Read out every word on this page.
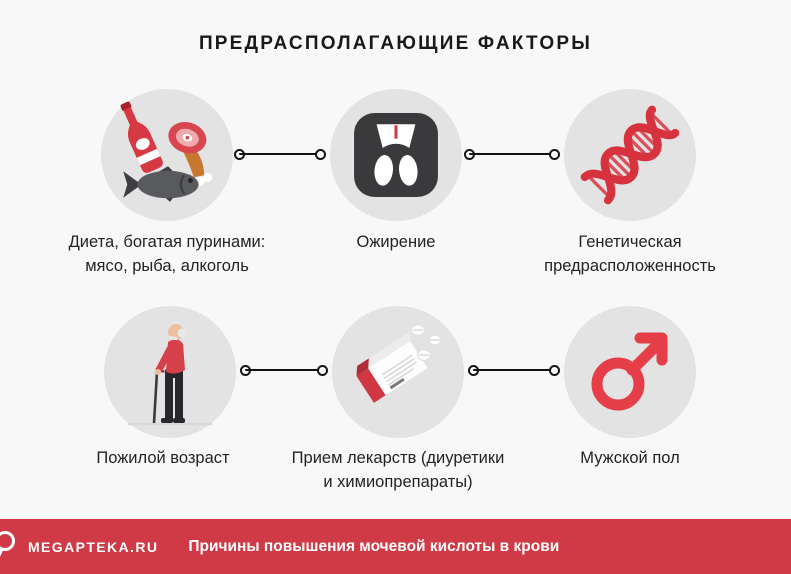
ПРЕДРАСПОЛАГАЮЩИЕ ФАКТОРЫ
Диета, богатая пуринами:
мясо, рыба, алкоголь
Ожирение	Генетическая
предрасположенность
Пожилой возраст	Прием лекарств (диуретики
и химиопрепараты)
Мужской пол
MEGAPTEKA.RU Причины повышения мочевой кислоты в крови
